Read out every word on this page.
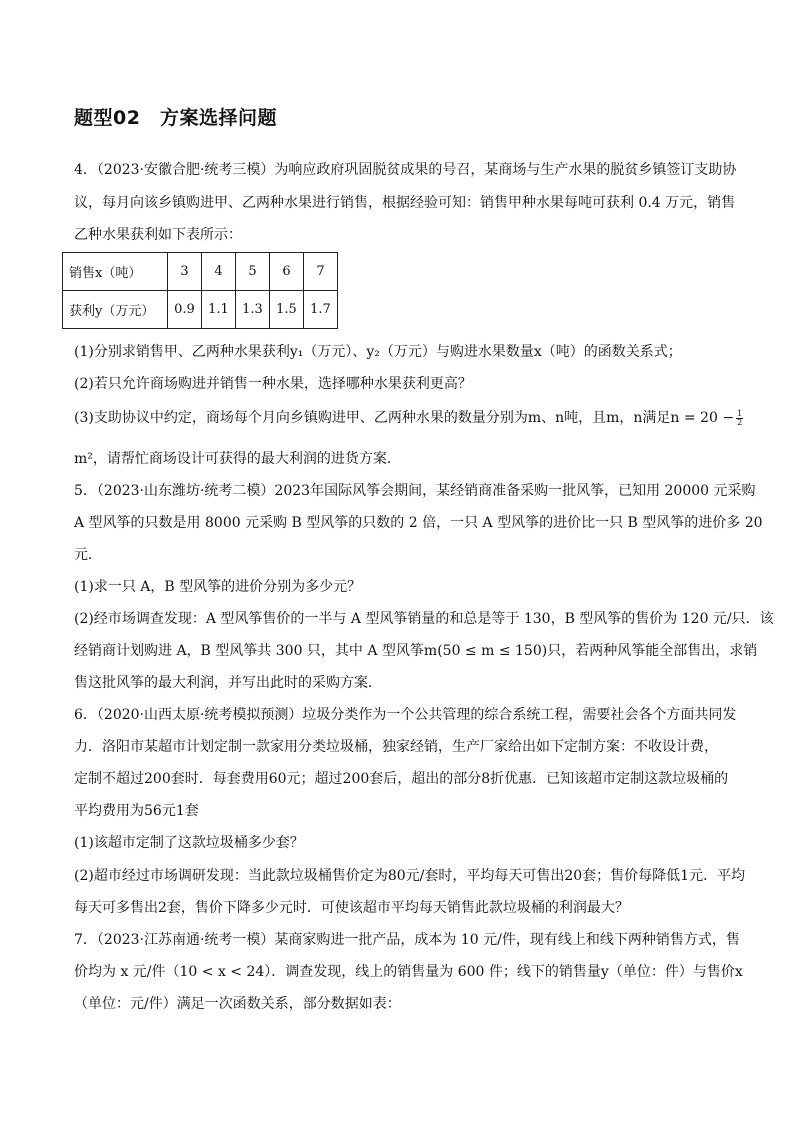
题型02　方案选择问题
4．（2023·安徽合肥·统考三模）为响应政府巩固脱贫成果的号召，某商场与生产水果的脱贫乡镇签订支助协
议，每月向该乡镇购进甲、乙两种水果进行销售，根据经验可知：销售甲种水果每吨可获利 0.4 万元，销售
乙种水果获利如下表所示：
销售x（吨）	3	4	5	6	7
获利y（万元）	0.9	1.1	1.3	1.5	1.7
(1)分别求销售甲、乙两种水果获利y₁（万元）、y₂（万元）与购进水果数量x（吨）的函数关系式；
(2)若只允许商场购进并销售一种水果，选择哪种水果获利更高？
(3)支助协议中约定，商场每个月向乡镇购进甲、乙两种水果的数量分别为m、n吨，且m，n满足$n = 20 - \frac{1}{2}$
m²，请帮忙商场设计可获得的最大利润的进货方案．
5．（2023·山东潍坊·统考二模）2023年国际风筝会期间，某经销商准备采购一批风筝，已知用 20000 元采购
A 型风筝的只数是用 8000 元采购 B 型风筝的只数的 2 倍，一只 A 型风筝的进价比一只 B 型风筝的进价多 20
元．
(1)求一只 A，B 型风筝的进价分别为多少元？
(2)经市场调查发现：A 型风筝售价的一半与 A 型风筝销量的和总是等于 130，B 型风筝的售价为 120 元/只．该
经销商计划购进 A，B 型风筝共 300 只，其中 A 型风筝m(50 ≤ m ≤ 150)只，若两种风筝能全部售出，求销
售这批风筝的最大利润，并写出此时的采购方案．
6．（2020·山西太原·统考模拟预测）垃圾分类作为一个公共管理的综合系统工程，需要社会各个方面共同发
力．洛阳市某超市计划定制一款家用分类垃圾桶，独家经销，生产厂家给出如下定制方案：不收设计费，
定制不超过200套时．每套费用60元；超过200套后，超出的部分8折优惠．已知该超市定制这款垃圾桶的
平均费用为56元1套
(1)该超市定制了这款垃圾桶多少套？
(2)超市经过市场调研发现：当此款垃圾桶售价定为80元/套时，平均每天可售出20套；售价每降低1元．平均
每天可多售出2套，售价下降多少元时．可使该超市平均每天销售此款垃圾桶的利润最大？
7．（2023·江苏南通·统考一模）某商家购进一批产品，成本为 10 元/件，现有线上和线下两种销售方式，售
价均为 x 元/件（10 < x < 24）．调查发现，线上的销售量为 600 件；线下的销售量y（单位：件）与售价x
（单位：元/件）满足一次函数关系，部分数据如表：
